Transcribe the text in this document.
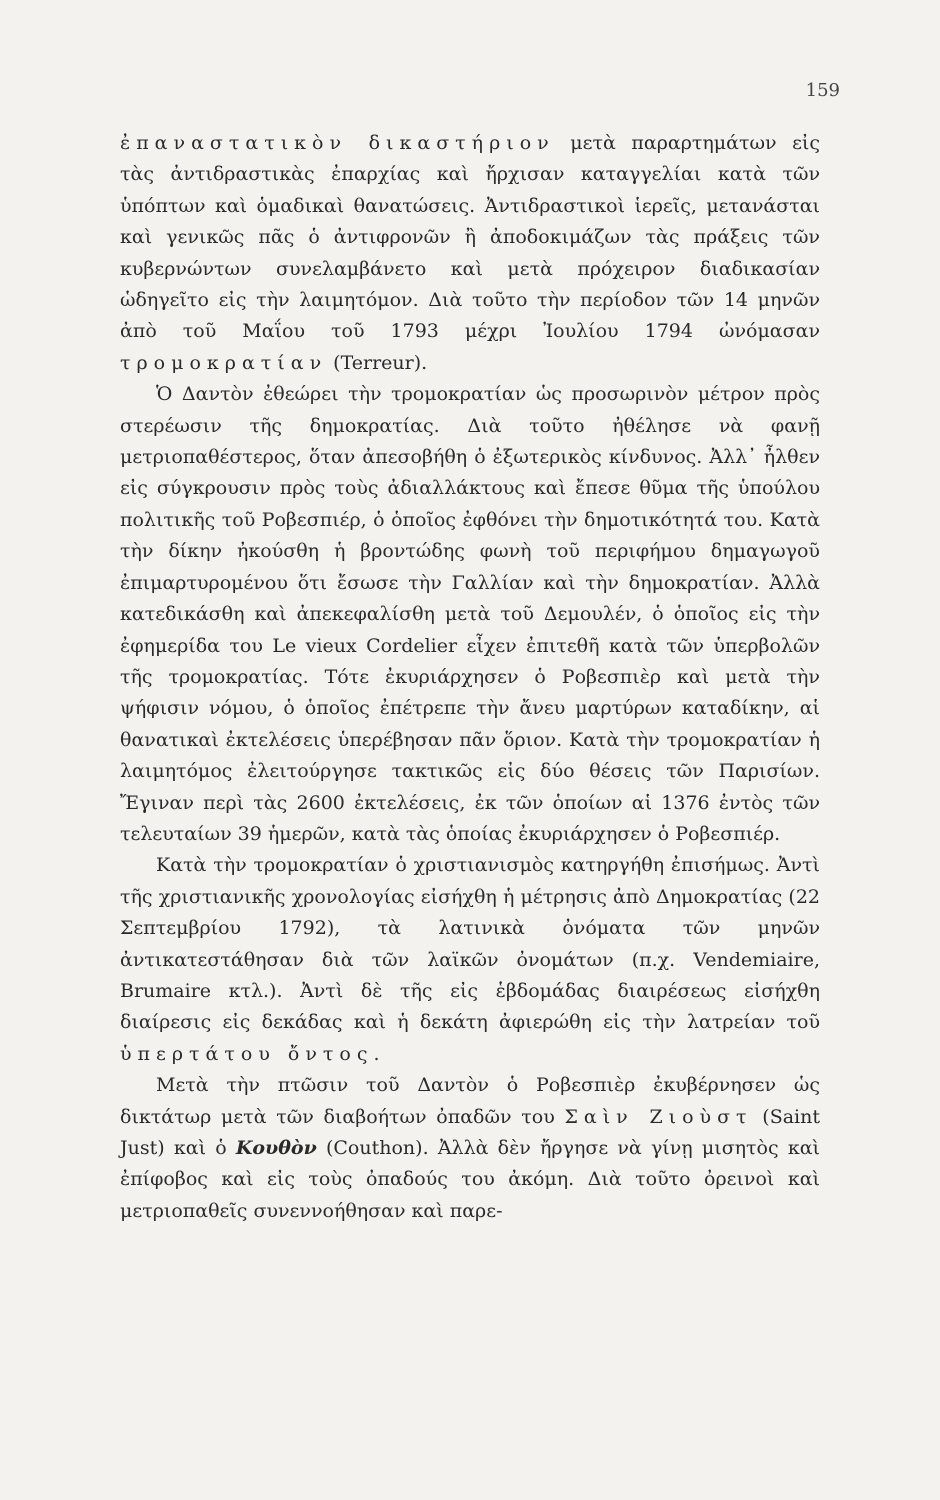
159

ἐπαναστατικὸν δικαστήριον μετὰ παραρτημάτων εἰς τὰς ἀντιδραστικὰς ἐπαρχίας καὶ ἤρχισαν καταγγελίαι κατὰ τῶν ὑπόπτων καὶ ὁμαδικαὶ θανατώσεις. Ἀντιδραστικοὶ ἱερεῖς, μετανάσται καὶ γενικῶς πᾶς ὁ ἀντιφρονῶν ἢ ἀποδοκιμάζων τὰς πράξεις τῶν κυβερνώντων συνελαμβάνετο καὶ μετὰ πρόχειρον διαδικασίαν ὡδηγεῖτο εἰς τὴν λαιμητόμον. Διὰ τοῦτο τὴν περίοδον τῶν 14 μηνῶν ἀπὸ τοῦ Μαΐου τοῦ 1793 μέχρι Ἰουλίου 1794 ὠνόμασαν τρομοκρατίαν (Terreur).

Ὁ Δαντὸν ἐθεώρει τὴν τρομοκρατίαν ὡς προσωρινὸν μέτρον πρὸς στερέωσιν τῆς δημοκρατίας. Διὰ τοῦτο ἠθέλησε νὰ φανῇ μετριοπαθέστερος, ὅταν ἀπεσοβήθη ὁ ἐξωτερικὸς κίνδυνος. Ἀλλ᾽ ἦλθεν εἰς σύγκρουσιν πρὸς τοὺς ἀδιαλλάκτους καὶ ἔπεσε θῦμα τῆς ὑπούλου πολιτικῆς τοῦ Ροβεσπιέρ, ὁ ὁποῖος ἐφθόνει τὴν δημοτικότητά του. Κατὰ τὴν δίκην ἠκούσθη ἡ βροντώδης φωνὴ τοῦ περιφήμου δημαγωγοῦ ἐπιμαρτυρομένου ὅτι ἔσωσε τὴν Γαλλίαν καὶ τὴν δημοκρατίαν. Ἀλλὰ κατεδικάσθη καὶ ἀπεκεφαλίσθη μετὰ τοῦ Δεμουλέν, ὁ ὁποῖος εἰς τὴν ἐφημερίδα του Le vieux Cordelier εἶχεν ἐπιτεθῆ κατὰ τῶν ὑπερβολῶν τῆς τρομοκρατίας. Τότε ἐκυριάρχησεν ὁ Ροβεσπιὲρ καὶ μετὰ τὴν ψήφισιν νόμου, ὁ ὁποῖος ἐπέτρεπε τὴν ἄνευ μαρτύρων καταδίκην, αἱ θανατικαὶ ἐκτελέσεις ὑπερέβησαν πᾶν ὅριον. Κατὰ τὴν τρομοκρατίαν ἡ λαιμητόμος ἐλειτούργησε τακτικῶς εἰς δύο θέσεις τῶν Παρισίων. Ἔγιναν περὶ τὰς 2600 ἐκτελέσεις, ἐκ τῶν ὁποίων αἱ 1376 ἐντὸς τῶν τελευταίων 39 ἡμερῶν, κατὰ τὰς ὁποίας ἐκυριάρχησεν ὁ Ροβεσπιέρ.

Κατὰ τὴν τρομοκρατίαν ὁ χριστιανισμὸς κατηργήθη ἐπισήμως. Ἀντὶ τῆς χριστιανικῆς χρονολογίας εἰσήχθη ἡ μέτρησις ἀπὸ Δημοκρατίας (22 Σεπτεμβρίου 1792), τὰ λατινικὰ ὀνόματα τῶν μηνῶν ἀντικατεστάθησαν διὰ τῶν λαϊκῶν ὀνομάτων (π.χ. Vendemiaire, Brumaire κτλ.). Ἀντὶ δὲ τῆς εἰς ἑβδομάδας διαιρέσεως εἰσήχθη διαίρεσις εἰς δεκάδας καὶ ἡ δεκάτη ἀφιερώθη εἰς τὴν λατρείαν τοῦ ὑπερτάτου ὄντος.

Μετὰ τὴν πτῶσιν τοῦ Δαντὸν ὁ Ροβεσπιὲρ ἐκυβέρνησεν ὡς δικτάτωρ μετὰ τῶν διαβοήτων ὀπαδῶν του Σαὶν Ζιοὺστ (Saint Just) καὶ ὁ Κουθὸν (Couthon). Ἀλλὰ δὲν ἤργησε νὰ γίνῃ μισητὸς καὶ ἐπίφοβος καὶ εἰς τοὺς ὀπαδούς του ἀκόμη. Διὰ τοῦτο ὀρεινοὶ καὶ μετριοπαθεῖς συνεννοήθησαν καὶ παρε-
